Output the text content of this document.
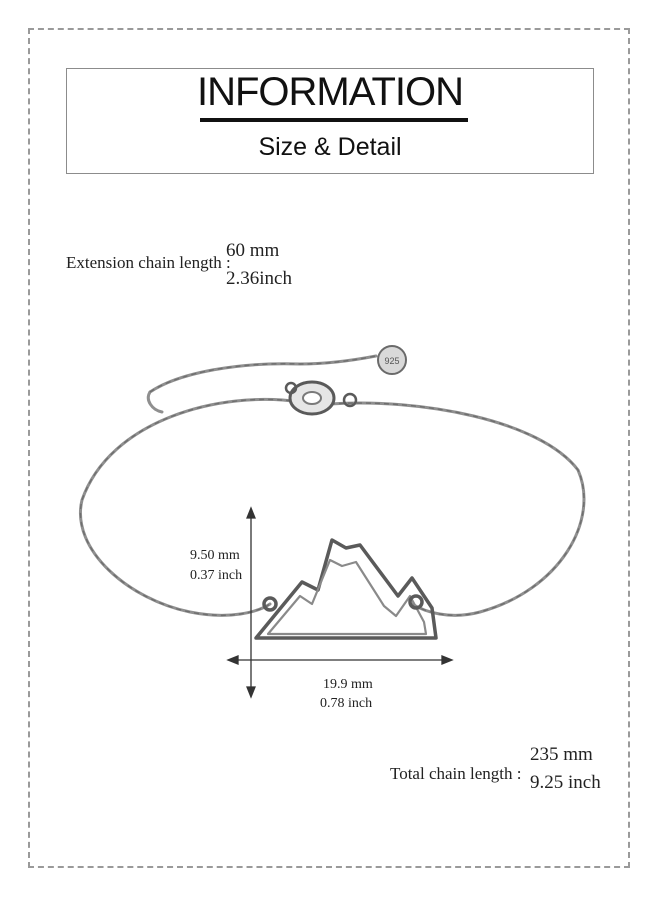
INFORMATION
Size & Detail
Extension chain length :
60 mm
2.36inch
925
9.50 mm
0.37 inch
19.9 mm
0.78 inch
Total chain length :
235 mm
9.25 inch
